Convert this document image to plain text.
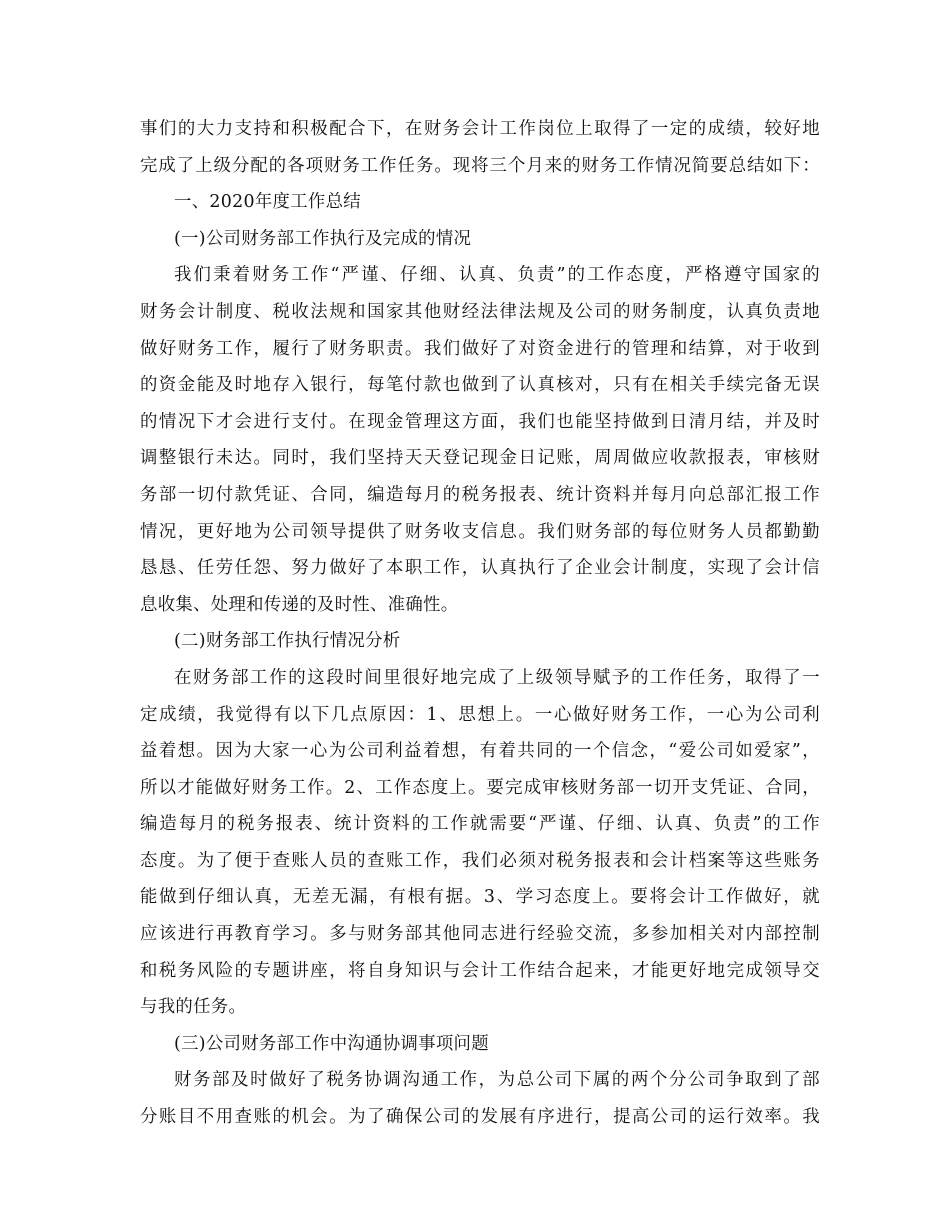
事们的大力支持和积极配合下，在财务会计工作岗位上取得了一定的成绩，较好地
完成了上级分配的各项财务工作任务。现将三个月来的财务工作情况简要总结如下：
一、2020年度工作总结
(一)公司财务部工作执行及完成的情况
我们秉着财务工作“严谨、仔细、认真、负责”的工作态度，严格遵守国家的
财务会计制度、税收法规和国家其他财经法律法规及公司的财务制度，认真负责地
做好财务工作，履行了财务职责。我们做好了对资金进行的管理和结算，对于收到
的资金能及时地存入银行，每笔付款也做到了认真核对，只有在相关手续完备无误
的情况下才会进行支付。在现金管理这方面，我们也能坚持做到日清月结，并及时
调整银行未达。同时，我们坚持天天登记现金日记账，周周做应收款报表，审核财
务部一切付款凭证、合同，编造每月的税务报表、统计资料并每月向总部汇报工作
情况，更好地为公司领导提供了财务收支信息。我们财务部的每位财务人员都勤勤
恳恳、任劳任怨、努力做好了本职工作，认真执行了企业会计制度，实现了会计信
息收集、处理和传递的及时性、准确性。
(二)财务部工作执行情况分析
在财务部工作的这段时间里很好地完成了上级领导赋予的工作任务，取得了一
定成绩，我觉得有以下几点原因：1、思想上。一心做好财务工作，一心为公司利
益着想。因为大家一心为公司利益着想，有着共同的一个信念，“爱公司如爱家”，
所以才能做好财务工作。2、工作态度上。要完成审核财务部一切开支凭证、合同，
编造每月的税务报表、统计资料的工作就需要“严谨、仔细、认真、负责”的工作
态度。为了便于查账人员的查账工作，我们必须对税务报表和会计档案等这些账务
能做到仔细认真，无差无漏，有根有据。3、学习态度上。要将会计工作做好，就
应该进行再教育学习。多与财务部其他同志进行经验交流，多参加相关对内部控制
和税务风险的专题讲座，将自身知识与会计工作结合起来，才能更好地完成领导交
与我的任务。
(三)公司财务部工作中沟通协调事项问题
财务部及时做好了税务协调沟通工作，为总公司下属的两个分公司争取到了部
分账目不用查账的机会。为了确保公司的发展有序进行，提高公司的运行效率。我
